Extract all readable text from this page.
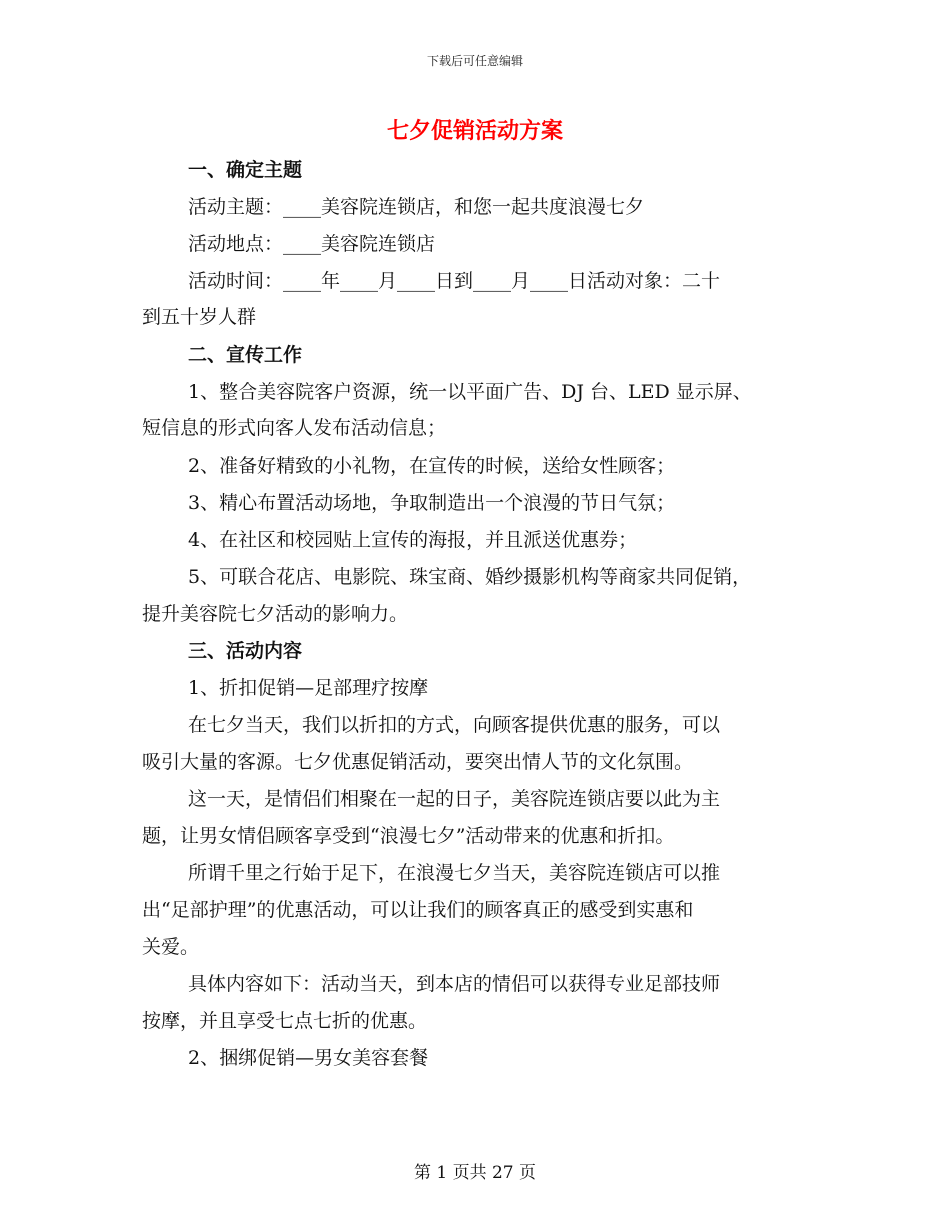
下载后可任意编辑
七夕促销活动方案
一、确定主题
活动主题：____美容院连锁店，和您一起共度浪漫七夕
活动地点：____美容院连锁店
活动时间：____年____月____日到____月____日活动对象：二十
到五十岁人群
二、宣传工作
1、整合美容院客户资源，统一以平面广告、DJ 台、LED 显示屏、
短信息的形式向客人发布活动信息；
2、准备好精致的小礼物，在宣传的时候，送给女性顾客；
3、精心布置活动场地，争取制造出一个浪漫的节日气氛；
4、在社区和校园贴上宣传的海报，并且派送优惠券；
5、可联合花店、电影院、珠宝商、婚纱摄影机构等商家共同促销，
提升美容院七夕活动的影响力。
三、活动内容
1、折扣促销—足部理疗按摩
在七夕当天，我们以折扣的方式，向顾客提供优惠的服务，可以
吸引大量的客源。七夕优惠促销活动，要突出情人节的文化氛围。
这一天，是情侣们相聚在一起的日子，美容院连锁店要以此为主
题，让男女情侣顾客享受到“浪漫七夕”活动带来的优惠和折扣。
所谓千里之行始于足下，在浪漫七夕当天，美容院连锁店可以推
出“足部护理”的优惠活动，可以让我们的顾客真正的感受到实惠和
关爱。
具体内容如下：活动当天，到本店的情侣可以获得专业足部技师
按摩，并且享受七点七折的优惠。
2、捆绑促销—男女美容套餐
第 1 页共 27 页
